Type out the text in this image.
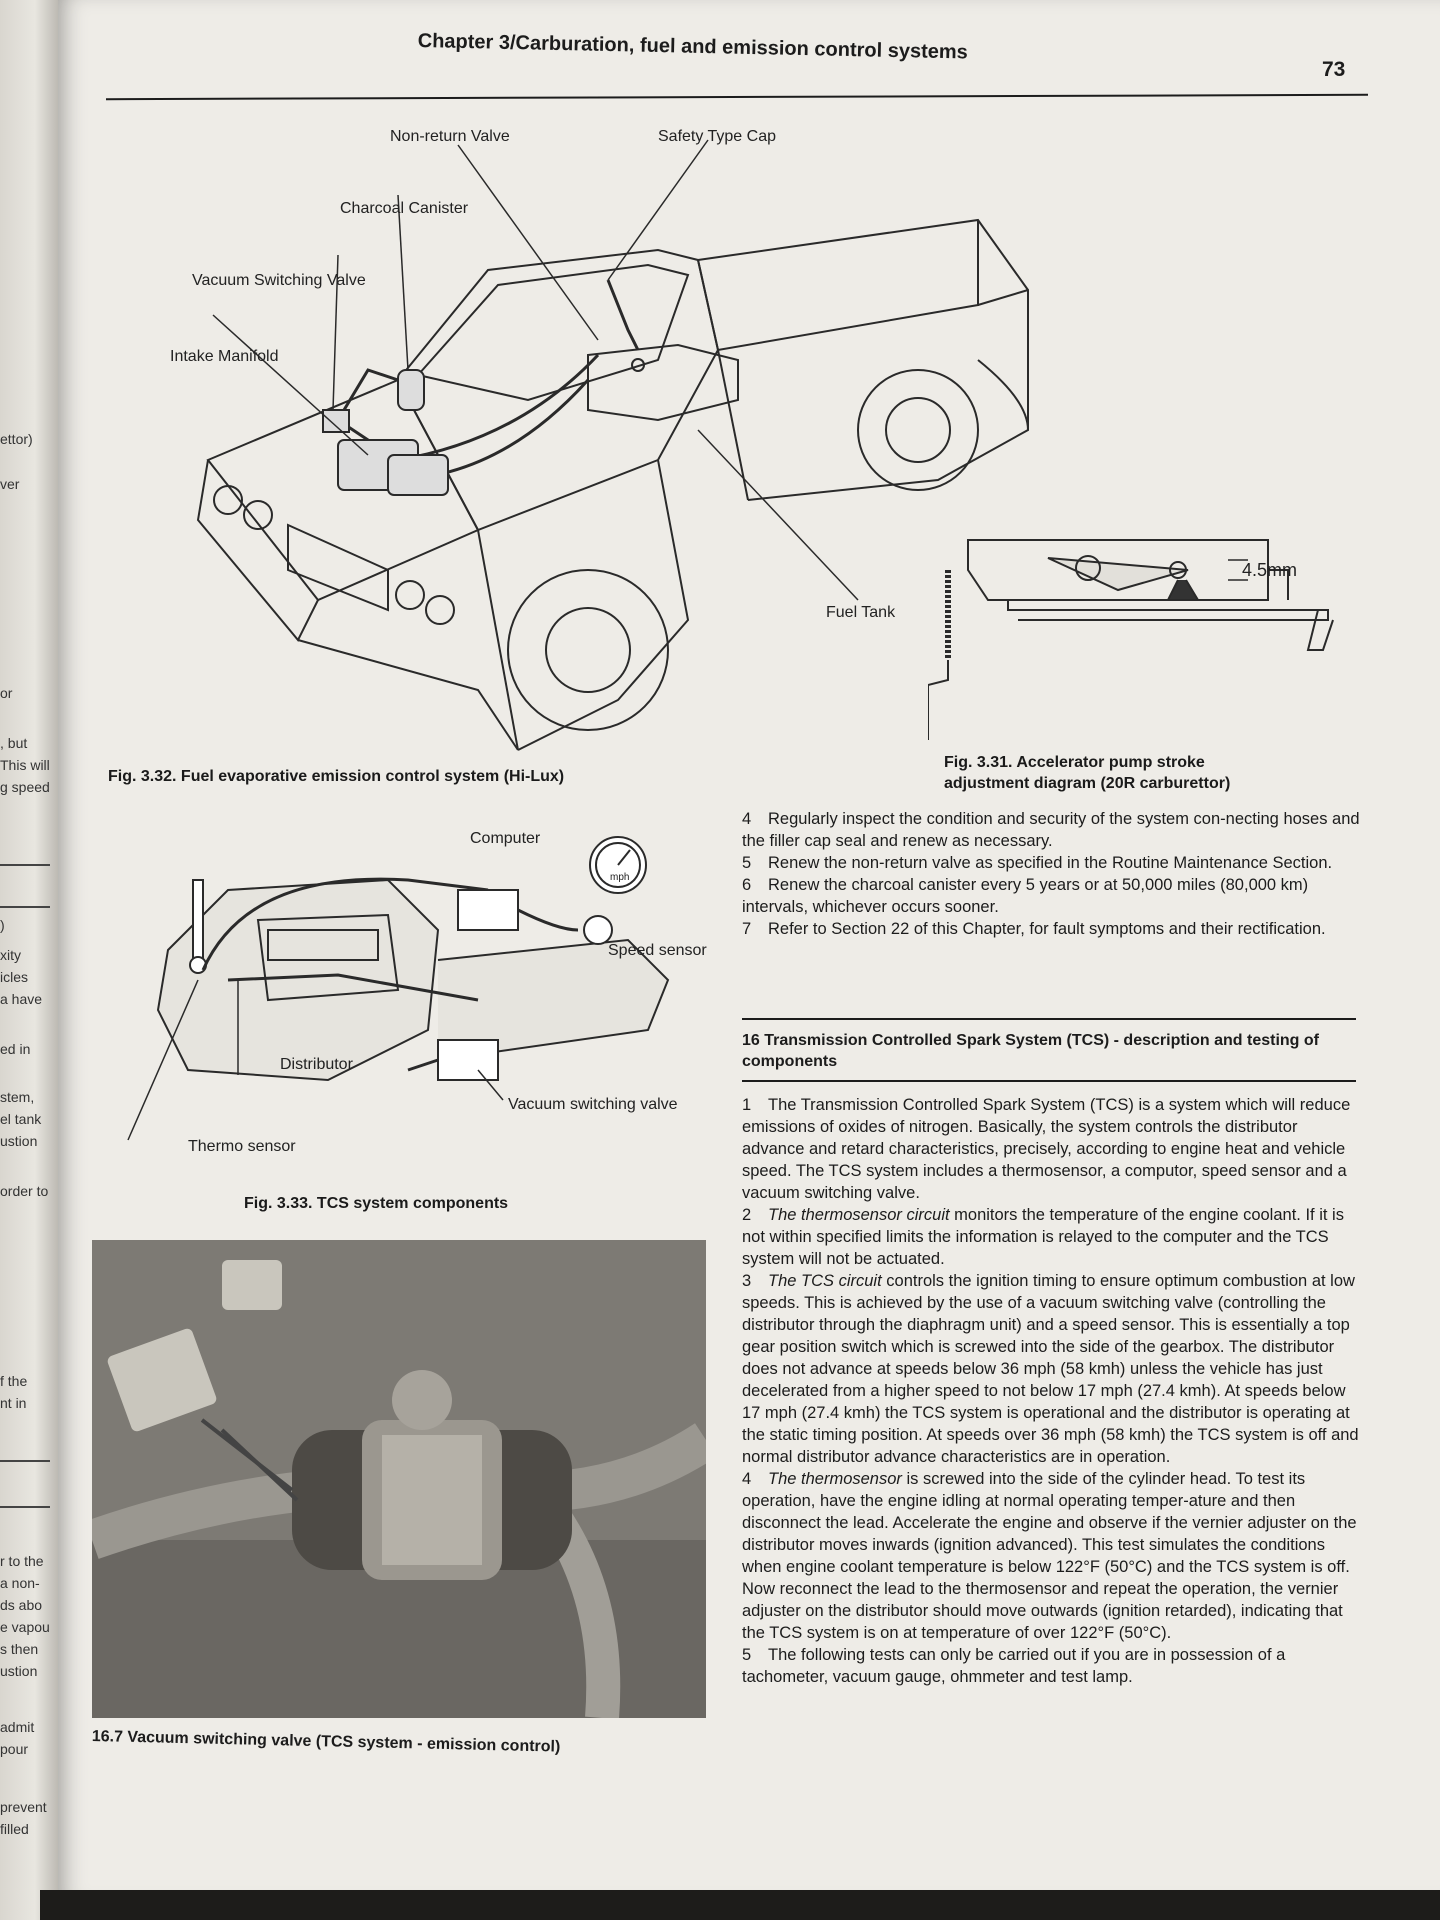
ettor)
ver
or
, but
This will
g speed
)
xity
icles
a have
ed in
stem,
el tank
ustion
order to
f the
nt in
r to the
a non-
ds abo
e vapou
s then
ustion
admit
pour
prevent
filled
Chapter 3/Carburation, fuel and emission control systems
73
Non-return Valve	Safety Type Cap
Charcoal Canister
Vacuum Switching Valve
Intake Manifold
Fuel Tank
Fig. 3.32. Fuel evaporative emission control system (Hi-Lux)
4.5mm
Fig. 3.31. Accelerator pump stroke
adjustment diagram (20R carburettor)
Computer
mph
Speed sensor
Distributor
Vacuum switching valve
Thermo sensor
Fig. 3.33. TCS system components
16.7 Vacuum switching valve (TCS system - emission control)

4 Regularly inspect the condition and security of the system con-necting hoses and the filler cap seal and renew as necessary.

5 Renew the non-return valve as specified in the Routine Maintenance Section.

6 Renew the charcoal canister every 5 years or at 50,000 miles (80,000 km) intervals, whichever occurs sooner.

7 Refer to Section 22 of this Chapter, for fault symptoms and their rectification.

16 Transmission Controlled Spark System (TCS) - description and testing of components

1 The Transmission Controlled Spark System (TCS) is a system which will reduce emissions of oxides of nitrogen. Basically, the system controls the distributor advance and retard characteristics, precisely, according to engine heat and vehicle speed. The TCS system includes a thermosensor, a computor, speed sensor and a vacuum switching valve.

2 The thermosensor circuit monitors the temperature of the engine coolant. If it is not within specified limits the information is relayed to the computer and the TCS system will not be actuated.

3 The TCS circuit controls the ignition timing to ensure optimum combustion at low speeds. This is achieved by the use of a vacuum switching valve (controlling the distributor through the diaphragm unit) and a speed sensor. This is essentially a top gear position switch which is screwed into the side of the gearbox. The distributor does not advance at speeds below 36 mph (58 kmh) unless the vehicle has just decelerated from a higher speed to not below 17 mph (27.4 kmh). At speeds below 17 mph (27.4 kmh) the TCS system is operational and the distributor is operating at the static timing position. At speeds over 36 mph (58 kmh) the TCS system is off and normal distributor advance characteristics are in operation.

4 The thermosensor is screwed into the side of the cylinder head. To test its operation, have the engine idling at normal operating temper-ature and then disconnect the lead. Accelerate the engine and observe if the vernier adjuster on the distributor moves inwards (ignition advanced). This test simulates the conditions when engine coolant temperature is below 122°F (50°C) and the TCS system is off. Now reconnect the lead to the thermosensor and repeat the operation, the vernier adjuster on the distributor should move outwards (ignition retarded), indicating that the TCS system is on at temperature of over 122°F (50°C).

5 The following tests can only be carried out if you are in possession of a tachometer, vacuum gauge, ohmmeter and test lamp.
